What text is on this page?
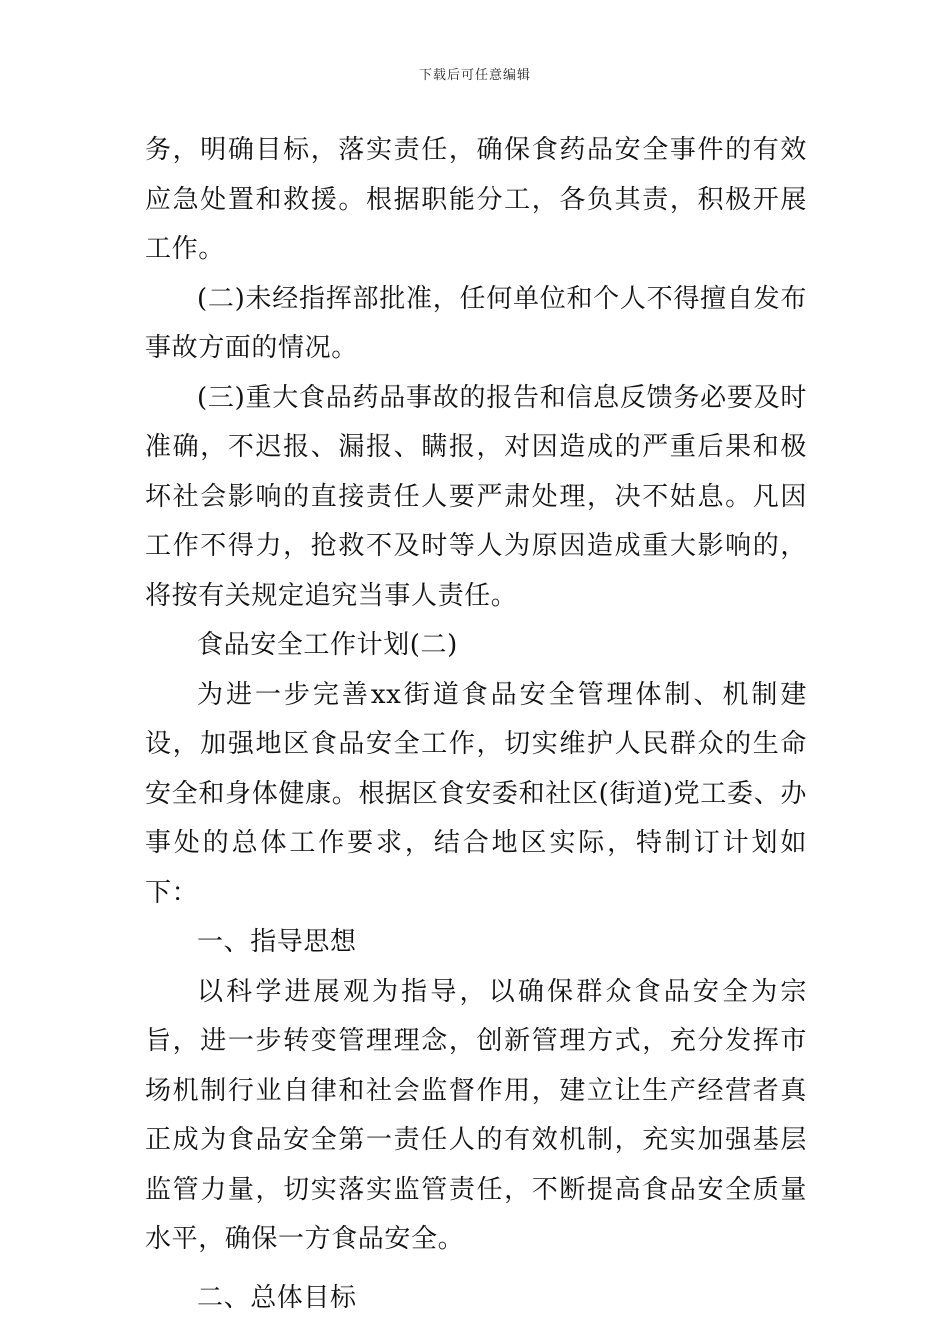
下载后可任意编辑

务，明确目标，落实责任，确保食药品安全事件的有效应急处置和救援。根据职能分工，各负其责，积极开展工作。

(二)未经指挥部批准，任何单位和个人不得擅自发布事故方面的情况。

(三)重大食品药品事故的报告和信息反馈务必要及时准确，不迟报、漏报、瞒报，对因造成的严重后果和极坏社会影响的直接责任人要严肃处理，决不姑息。凡因工作不得力，抢救不及时等人为原因造成重大影响的，将按有关规定追究当事人责任。

食品安全工作计划(二)

为进一步完善xx街道食品安全管理体制、机制建设，加强地区食品安全工作，切实维护人民群众的生命安全和身体健康。根据区食安委和社区(街道)党工委、办事处的总体工作要求，结合地区实际，特制订计划如下：

一、指导思想

以科学进展观为指导，以确保群众食品安全为宗旨，进一步转变管理理念，创新管理方式，充分发挥市场机制行业自律和社会监督作用，建立让生产经营者真正成为食品安全第一责任人的有效机制，充实加强基层监管力量，切实落实监管责任，不断提高食品安全质量水平，确保一方食品安全。

二、总体目标
